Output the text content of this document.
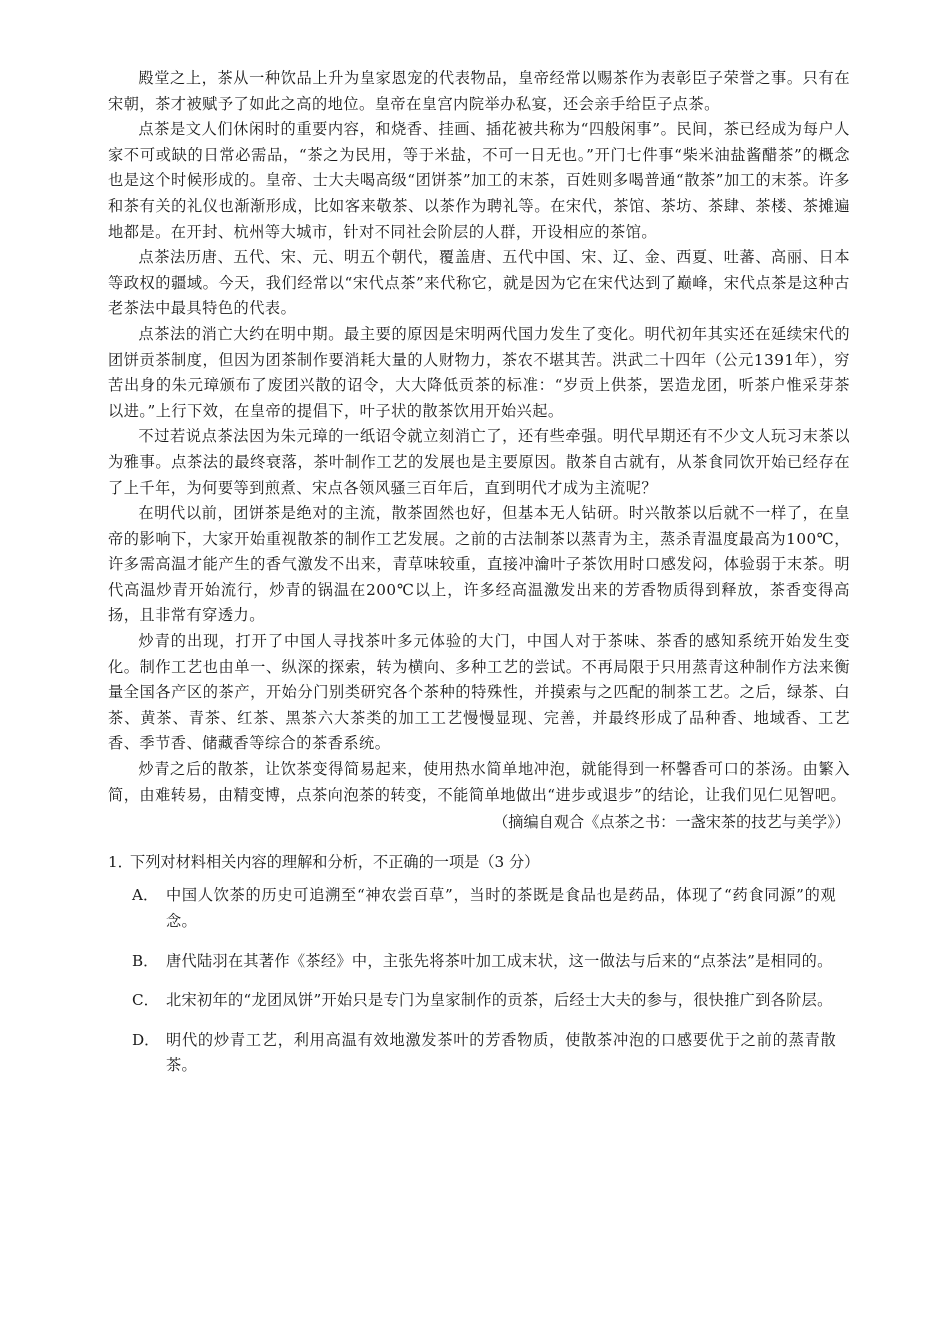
殿堂之上，茶从一种饮品上升为皇家恩宠的代表物品，皇帝经常以赐茶作为表彰臣子荣誉之事。只有在宋朝，茶才被赋予了如此之高的地位。皇帝在皇宫内院举办私宴，还会亲手给臣子点茶。

点茶是文人们休闲时的重要内容，和烧香、挂画、插花被共称为“四般闲事”。民间，茶已经成为每户人家不可或缺的日常必需品，“茶之为民用，等于米盐，不可一日无也。”开门七件事“柴米油盐酱醋茶”的概念也是这个时候形成的。皇帝、士大夫喝高级“团饼茶”加工的末茶，百姓则多喝普通“散茶”加工的末茶。许多和茶有关的礼仪也渐渐形成，比如客来敬茶、以茶作为聘礼等。在宋代，茶馆、茶坊、茶肆、茶楼、茶摊遍地都是。在开封、杭州等大城市，针对不同社会阶层的人群，开设相应的茶馆。

点茶法历唐、五代、宋、元、明五个朝代，覆盖唐、五代中国、宋、辽、金、西夏、吐蕃、高丽、日本等政权的疆域。今天，我们经常以“宋代点茶”来代称它，就是因为它在宋代达到了巅峰，宋代点茶是这种古老茶法中最具特色的代表。

点茶法的消亡大约在明中期。最主要的原因是宋明两代国力发生了变化。明代初年其实还在延续宋代的团饼贡茶制度，但因为团茶制作要消耗大量的人财物力，茶农不堪其苦。洪武二十四年（公元1391年），穷苦出身的朱元璋颁布了废团兴散的诏令，大大降低贡茶的标准：“岁贡上供茶，罢造龙团，听茶户惟采芽茶以进。”上行下效，在皇帝的提倡下，叶子状的散茶饮用开始兴起。

不过若说点茶法因为朱元璋的一纸诏令就立刻消亡了，还有些牵强。明代早期还有不少文人玩习末茶以为雅事。点茶法的最终衰落，茶叶制作工艺的发展也是主要原因。散茶自古就有，从茶食同饮开始已经存在了上千年，为何要等到煎煮、宋点各领风骚三百年后，直到明代才成为主流呢？

在明代以前，团饼茶是绝对的主流，散茶固然也好，但基本无人钻研。时兴散茶以后就不一样了，在皇帝的影响下，大家开始重视散茶的制作工艺发展。之前的古法制茶以蒸青为主，蒸杀青温度最高为100℃，许多需高温才能产生的香气激发不出来，青草味较重，直接冲瀹叶子茶饮用时口感发闷，体验弱于末茶。明代高温炒青开始流行，炒青的锅温在200℃以上，许多经高温激发出来的芳香物质得到释放，茶香变得高扬，且非常有穿透力。

炒青的出现，打开了中国人寻找茶叶多元体验的大门，中国人对于茶味、茶香的感知系统开始发生变化。制作工艺也由单一、纵深的探索，转为横向、多种工艺的尝试。不再局限于只用蒸青这种制作方法来衡量全国各产区的茶产，开始分门别类研究各个茶种的特殊性，并摸索与之匹配的制茶工艺。之后，绿茶、白茶、黄茶、青茶、红茶、黑茶六大茶类的加工工艺慢慢显现、完善，并最终形成了品种香、地域香、工艺香、季节香、储藏香等综合的茶香系统。

炒青之后的散茶，让饮茶变得简易起来，使用热水简单地冲泡，就能得到一杯馨香可口的茶汤。由繁入简，由难转易，由精变博，点茶向泡茶的转变，不能简单地做出“进步或退步”的结论，让我们见仁见智吧。

（摘编自观合《点茶之书：一盏宋茶的技艺与美学》）

1．
下列对材料相关内容的理解和分析，不正确的一项是（3 分）

A． 中国人饮茶的历史可追溯至“神农尝百草”，当时的茶既是食品也是药品，体现了“药食同源”的观念。
B． 唐代陆羽在其著作《茶经》中，主张先将茶叶加工成末状，这一做法与后来的“点茶法”是相同的。
C． 北宋初年的“龙团凤饼”开始只是专门为皇家制作的贡茶，后经士大夫的参与，很快推广到各阶层。
D． 明代的炒青工艺，利用高温有效地激发茶叶的芳香物质，使散茶冲泡的口感要优于之前的蒸青散茶。
